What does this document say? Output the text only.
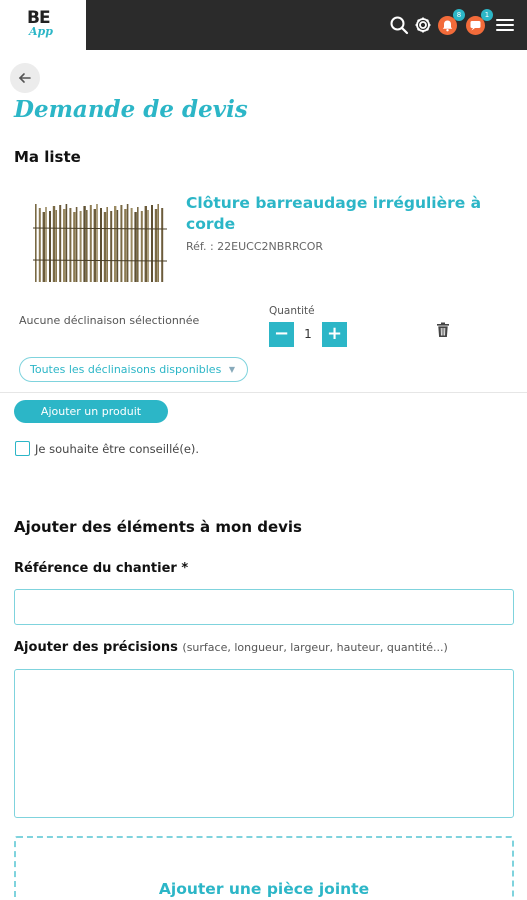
BE
App
8	1
Demande de devis
Ma liste
Clôture barreaudage irrégulière à corde
Réf. : 22EUCC2NBRRCOR
Aucune déclinaison sélectionnée
Quantité
−	1 +
Toutes les déclinaisons disponibles ▼
Ajouter un produit
Je souhaite être conseillé(e).
Ajouter des éléments à mon devis
Référence du chantier *
Ajouter des précisions (surface, longueur, largeur, hauteur, quantité...)
Ajouter une pièce jointe
